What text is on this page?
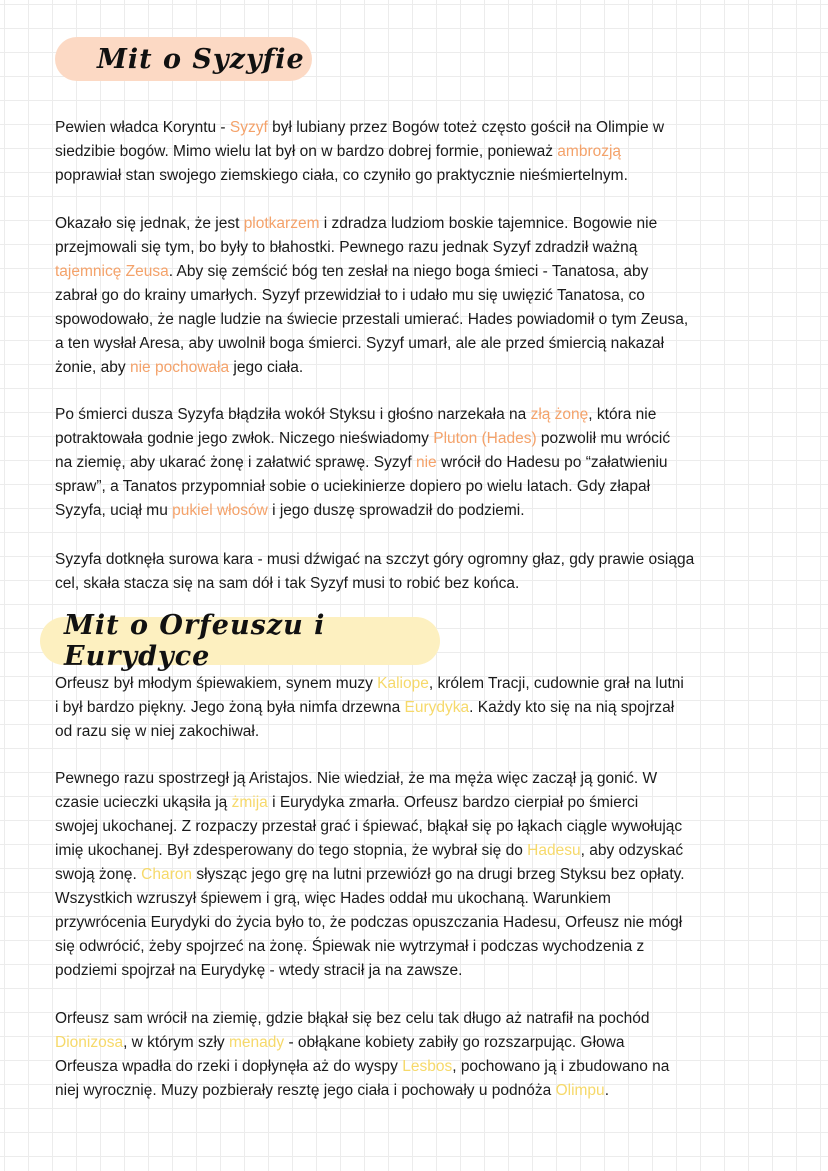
Mit o Syzyfie
Pewien władca Koryntu - Syzyf był lubiany przez Bogów toteż często gościł na Olimpie w
siedzibie bogów. Mimo wielu lat był on w bardzo dobrej formie, ponieważ ambrozją
poprawiał stan swojego ziemskiego ciała, co czyniło go praktycznie nieśmiertelnym.
Okazało się jednak, że jest plotkarzem i zdradza ludziom boskie tajemnice. Bogowie nie
przejmowali się tym, bo były to błahostki. Pewnego razu jednak Syzyf zdradził ważną
tajemnicę Zeusa. Aby się zemścić bóg ten zesłał na niego boga śmieci - Tanatosa, aby
zabrał go do krainy umarłych. Syzyf przewidział to i udało mu się uwięzić Tanatosa, co
spowodowało, że nagle ludzie na świecie przestali umierać. Hades powiadomił o tym Zeusa,
a ten wysłał Aresa, aby uwolnił boga śmierci. Syzyf umarł, ale ale przed śmiercią nakazał
żonie, aby nie pochowała jego ciała.
Po śmierci dusza Syzyfa błądziła wokół Styksu i głośno narzekała na złą żonę, która nie
potraktowała godnie jego zwłok. Niczego nieświadomy Pluton (Hades) pozwolił mu wrócić
na ziemię, aby ukarać żonę i załatwić sprawę. Syzyf nie wrócił do Hadesu po “załatwieniu
spraw”, a Tanatos przypomniał sobie o uciekinierze dopiero po wielu latach. Gdy złapał
Syzyfa, uciął mu pukiel włosów i jego duszę sprowadził do podziemi.
Syzyfa dotknęła surowa kara - musi dźwigać na szczyt góry ogromny głaz, gdy prawie osiąga
cel, skała stacza się na sam dół i tak Syzyf musi to robić bez końca.
Mit o Orfeuszu i Eurydyce
Orfeusz był młodym śpiewakiem, synem muzy Kaliope, królem Tracji, cudownie grał na lutni
i był bardzo piękny. Jego żoną była nimfa drzewna Eurydyka. Każdy kto się na nią spojrzał
od razu się w niej zakochiwał.
Pewnego razu spostrzegł ją Aristajos. Nie wiedział, że ma męża więc zaczął ją gonić. W
czasie ucieczki ukąsiła ją żmija i Eurydyka zmarła. Orfeusz bardzo cierpiał po śmierci
swojej ukochanej. Z rozpaczy przestał grać i śpiewać, błąkał się po łąkach ciągle wywołując
imię ukochanej. Był zdesperowany do tego stopnia, że wybrał się do Hadesu, aby odzyskać
swoją żonę. Charon słysząc jego grę na lutni przewiózł go na drugi brzeg Styksu bez opłaty.
Wszystkich wzruszył śpiewem i grą, więc Hades oddał mu ukochaną. Warunkiem
przywrócenia Eurydyki do życia było to, że podczas opuszczania Hadesu, Orfeusz nie mógł
się odwrócić, żeby spojrzeć na żonę. Śpiewak nie wytrzymał i podczas wychodzenia z
podziemi spojrzał na Eurydykę - wtedy stracił ja na zawsze.
Orfeusz sam wrócił na ziemię, gdzie błąkał się bez celu tak długo aż natrafił na pochód
Dionizosa, w którym szły menady - obłąkane kobiety zabiły go rozszarpując. Głowa
Orfeusza wpadła do rzeki i dopłynęła aż do wyspy Lesbos, pochowano ją i zbudowano na
niej wyrocznię. Muzy pozbierały resztę jego ciała i pochowały u podnóża Olimpu.
